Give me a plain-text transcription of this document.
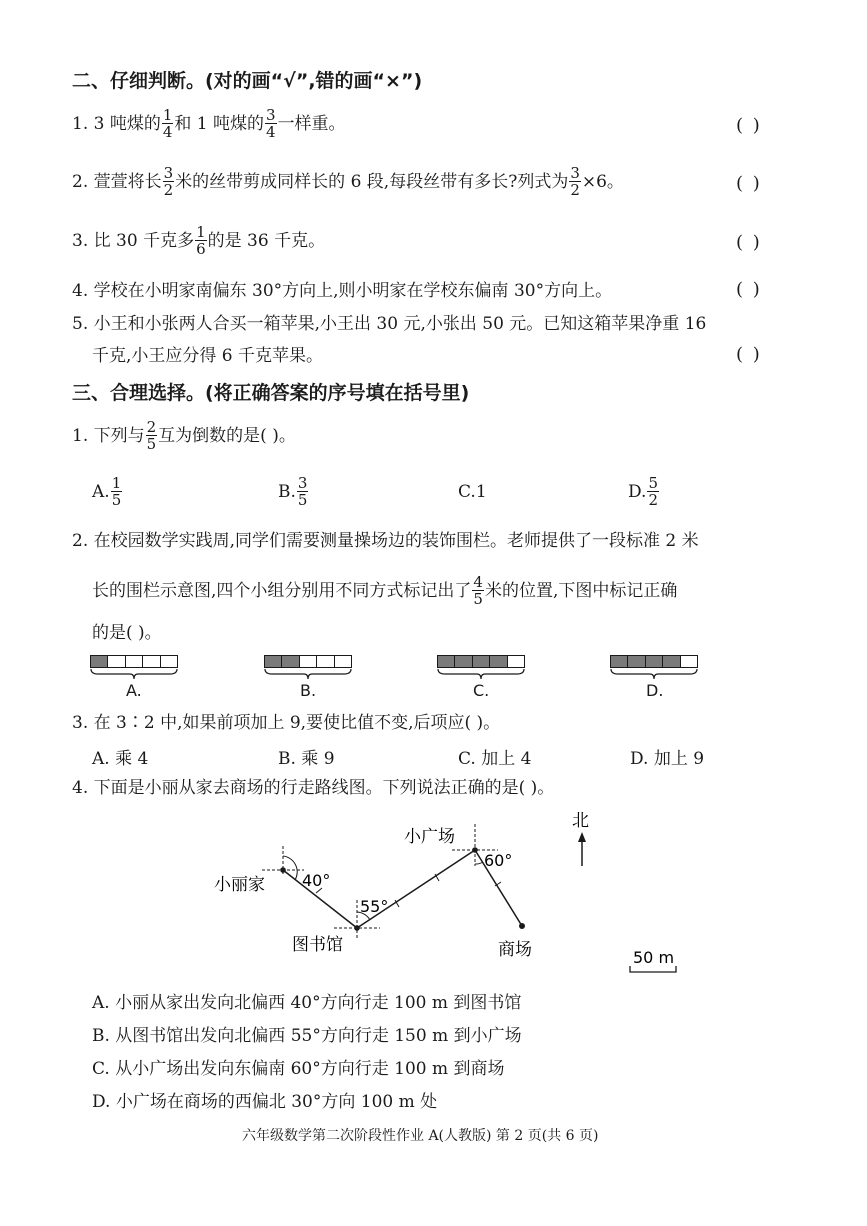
二、仔细判断。(对的画“√”,错的画“×”)
1. 3 吨煤的 $\frac{1}{4}$ 和 1 吨煤的 $\frac{3}{4}$ 一样重。	( )
2. 萱萱将长 $\frac{3}{2}$ 米的丝带剪成同样长的 6 段,每段丝带有多长?列式为 $\frac{3}{2} \times 6$。	( )
3. 比 30 千克多 $\frac{1}{6}$ 的是 36 千克。	( )
4. 学校在小明家南偏东 30°方向上,则小明家在学校东偏南 30°方向上。	( )
5. 小王和小张两人合买一箱苹果,小王出 30 元,小张出 50 元。已知这箱苹果净重 16
千克,小王应分得 6 千克苹果。	( )
三、合理选择。(将正确答案的序号填在括号里)
1. 下列与 $\frac{2}{5}$ 互为倒数的是( )。
A. $\frac{1}{5}$	B. $\frac{3}{5}$	C. 1	D. $\frac{5}{2}$
2. 在校园数学实践周,同学们需要测量操场边的装饰围栏。老师提供了一段标准 2 米
长的围栏示意图,四个小组分别用不同方式标记出了 $\frac{4}{5}$ 米的位置,下图中标记正确
的是( )。
A.	B.	C.	D.
3. 在 3∶2 中,如果前项加上 9,要使比值不变,后项应( )。
A. 乘 4	B. 乘 9	C. 加上 4	D. 加上 9
4. 下面是小丽从家去商场的行走路线图。下列说法正确的是( )。
北
小丽家
图书馆
小广场
商场
40°
55°
60°
50 m
A. 小丽从家出发向北偏西 40°方向行走 100 m 到图书馆
B. 从图书馆出发向北偏西 55°方向行走 150 m 到小广场
C. 从小广场出发向东偏南 60°方向行走 100 m 到商场
D. 小广场在商场的西偏北 30°方向 100 m 处
六年级数学第二次阶段性作业 A(人教版) 第 2 页(共 6 页)
